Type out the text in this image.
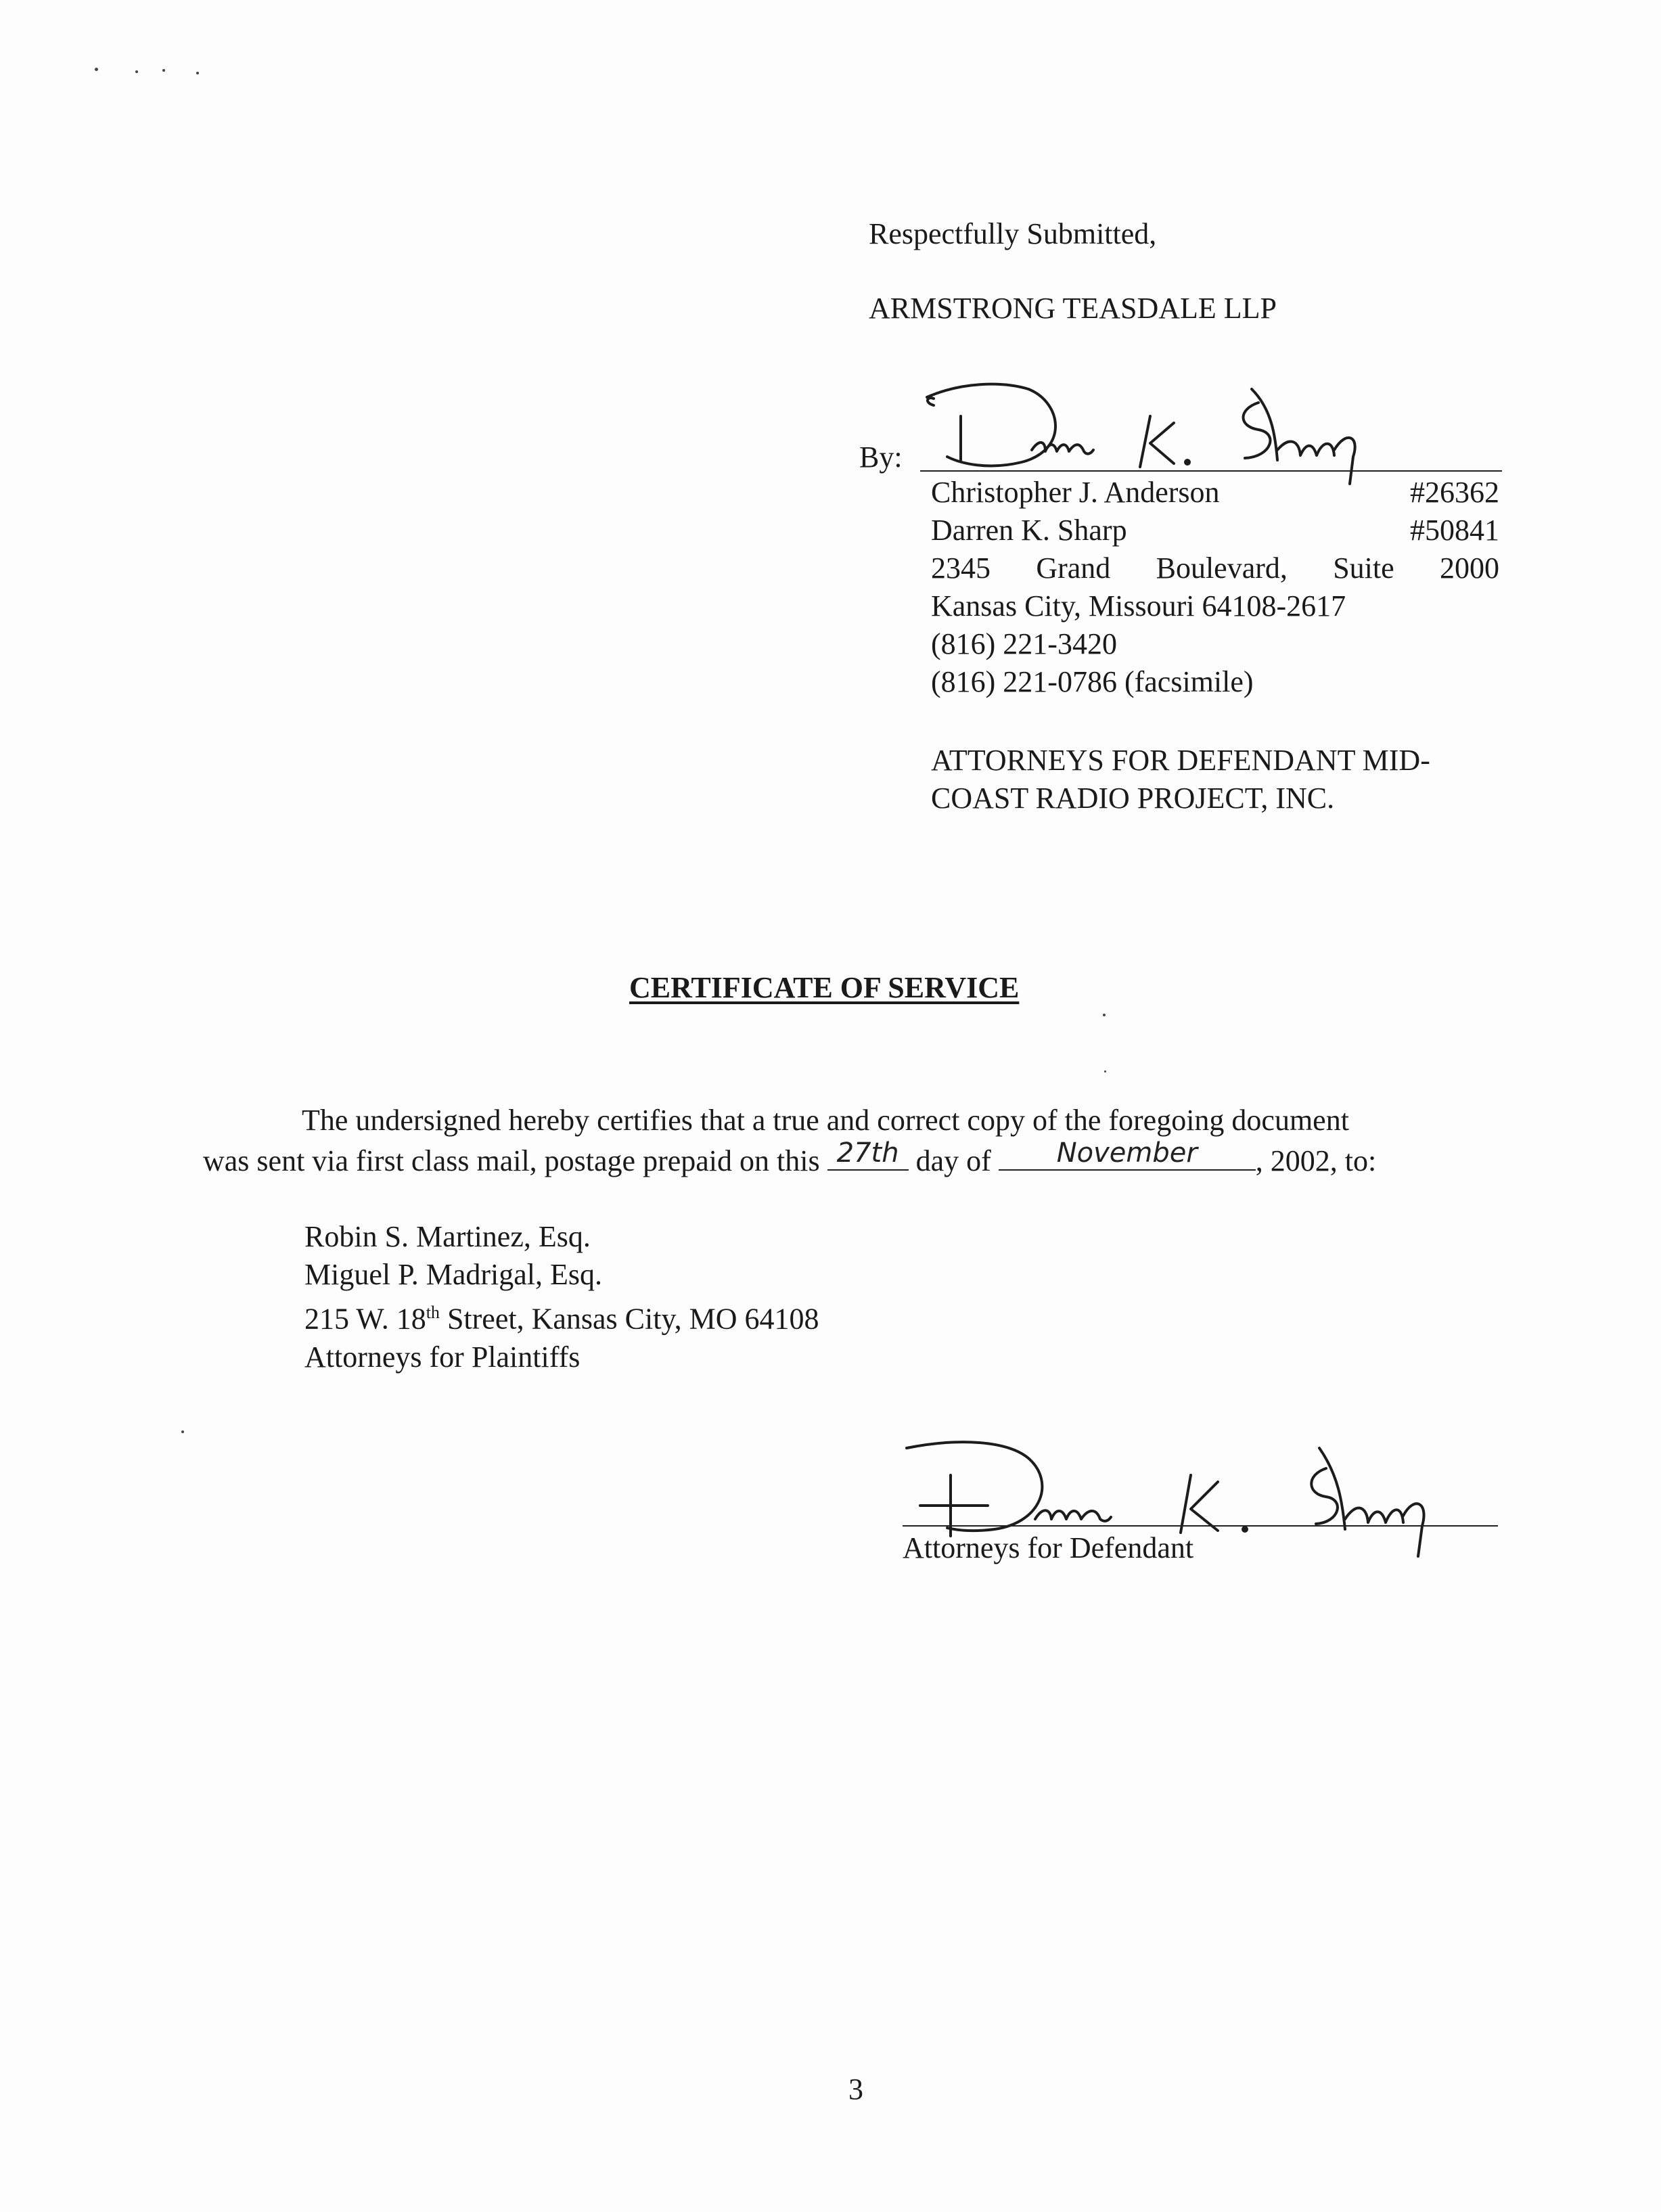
Respectfully Submitted,
ARMSTRONG TEASDALE LLP
By:
Christopher J. Anderson	#26362
Darren K. Sharp	#50841
2345 Grand Boulevard, Suite 2000
Kansas City, Missouri 64108-2617
(816) 221-3420
(816) 221-0786 (facsimile)
ATTORNEYS FOR DEFENDANT MID-
COAST RADIO PROJECT, INC.
CERTIFICATE OF SERVICE
The undersigned hereby certifies that a true and correct copy of the foregoing document
was sent via first class mail, postage prepaid on this 27th day of	November	, 2002, to:
Robin S. Martinez, Esq.
Miguel P. Madrigal, Esq.
215 W. 18th Street, Kansas City, MO 64108
Attorneys for Plaintiffs
Attorneys for Defendant
3
